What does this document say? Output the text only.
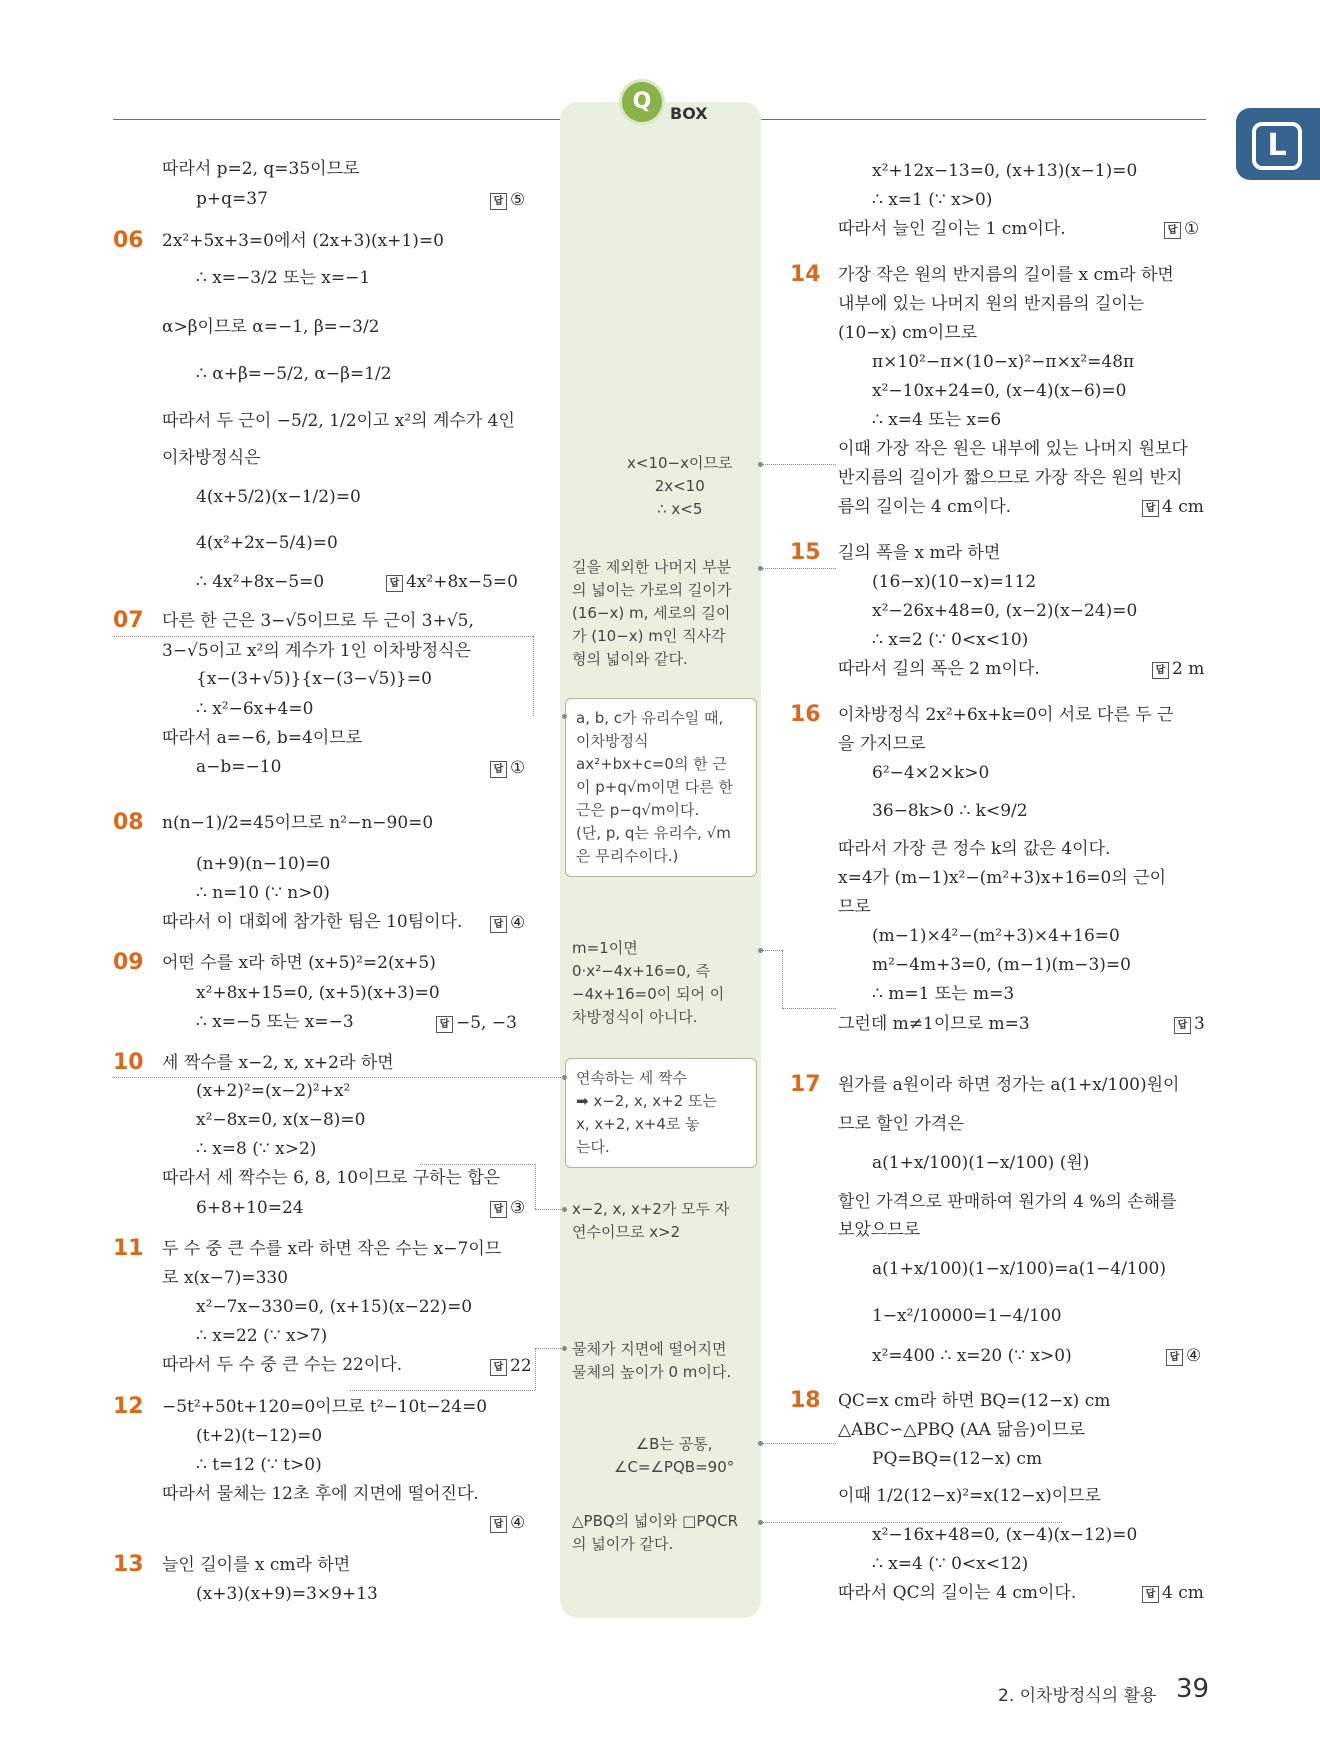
Q	BOX
L
따라서 p=2, q=35이므로
p+q=37	답 ⑤
06 2x²+5x+3=0에서 (2x+3)(x+1)=0
∴ x=−3/2 또는 x=−1
α>β이므로 α=−1, β=−3/2
∴ α+β=−5/2, α−β=1/2
따라서 두 근이 −5/2, 1/2이고 x²의 계수가 4인
이차방정식은
4(x+5/2)(x−1/2)=0
4(x²+2x−5/4)=0
∴ 4x²+8x−5=0	답 4x²+8x−5=0
07 다른 한 근은 3−√5이므로 두 근이 3+√5,
3−√5이고 x²의 계수가 1인 이차방정식은
{x−(3+√5)}{x−(3−√5)}=0
∴ x²−6x+4=0
따라서 a=−6, b=4이므로
a−b=−10	답 ①
08 n(n−1)/2=45이므로 n²−n−90=0
(n+9)(n−10)=0
∴ n=10 (∵ n>0)
따라서 이 대회에 참가한 팀은 10팀이다.	답 ④
09 어떤 수를 x라 하면 (x+5)²=2(x+5)
x²+8x+15=0, (x+5)(x+3)=0
∴ x=−5 또는 x=−3	답 −5, −3
10 세 짝수를 x−2, x, x+2라 하면
(x+2)²=(x−2)²+x²
x²−8x=0, x(x−8)=0
∴ x=8 (∵ x>2)
따라서 세 짝수는 6, 8, 10이므로 구하는 합은
6+8+10=24	답 ③
11 두 수 중 큰 수를 x라 하면 작은 수는 x−7이므
로 x(x−7)=330
x²−7x−330=0, (x+15)(x−22)=0
∴ x=22 (∵ x>7)
따라서 두 수 중 큰 수는 22이다.	답 22
12 −5t²+50t+120=0이므로 t²−10t−24=0
(t+2)(t−12)=0
∴ t=12 (∵ t>0)
따라서 물체는 12초 후에 지면에 떨어진다.
답 ④
13 늘인 길이를 x cm라 하면
(x+3)(x+9)=3×9+13
x<10−x이므로
2x<10
∴ x<5
길을 제외한 나머지 부분
의 넓이는 가로의 길이가
(16−x) m, 세로의 길이
가 (10−x) m인 직사각
형의 넓이와 같다.
a, b, c가 유리수일 때,
이차방정식
ax²+bx+c=0의 한 근
이 p+q√m이면 다른 한
근은 p−q√m이다.
(단, p, q는 유리수, √m
은 무리수이다.)
m=1이면
0·x²−4x+16=0, 즉
−4x+16=0이 되어 이
차방정식이 아니다.
연속하는 세 짝수
➡ x−2, x, x+2 또는
x, x+2, x+4로 놓
는다.
x−2, x, x+2가 모두 자
연수이므로 x>2
물체가 지면에 떨어지면
물체의 높이가 0 m이다.
∠B는 공통,
∠C=∠PQB=90°
△PBQ의 넓이와 □PQCR
의 넓이가 같다.
x²+12x−13=0, (x+13)(x−1)=0
∴ x=1 (∵ x>0)
따라서 늘인 길이는 1 cm이다.	답 ①
14 가장 작은 원의 반지름의 길이를 x cm라 하면
내부에 있는 나머지 원의 반지름의 길이는
(10−x) cm이므로
π×10²−π×(10−x)²−π×x²=48π
x²−10x+24=0, (x−4)(x−6)=0
∴ x=4 또는 x=6
이때 가장 작은 원은 내부에 있는 나머지 원보다
반지름의 길이가 짧으므로 가장 작은 원의 반지
름의 길이는 4 cm이다.	답 4 cm
15 길의 폭을 x m라 하면
(16−x)(10−x)=112
x²−26x+48=0, (x−2)(x−24)=0
∴ x=2 (∵ 0<x<10)
따라서 길의 폭은 2 m이다.	답 2 m
16 이차방정식 2x²+6x+k=0이 서로 다른 두 근
을 가지므로
6²−4×2×k>0
36−8k>0 ∴ k<9/2
따라서 가장 큰 정수 k의 값은 4이다.
x=4가 (m−1)x²−(m²+3)x+16=0의 근이
므로
(m−1)×4²−(m²+3)×4+16=0
m²−4m+3=0, (m−1)(m−3)=0
∴ m=1 또는 m=3
그런데 m≠1이므로 m=3	답 3
17 원가를 a원이라 하면 정가는 a(1+x/100)원이
므로 할인 가격은
a(1+x/100)(1−x/100) (원)
할인 가격으로 판매하여 원가의 4 %의 손해를
보았으므로
a(1+x/100)(1−x/100)=a(1−4/100)
1−x²/10000=1−4/100
x²=400 ∴ x=20 (∵ x>0)	답 ④
18 QC=x cm라 하면 BQ=(12−x) cm
△ABC∽△PBQ (AA 닮음)이므로
PQ=BQ=(12−x) cm
이때 1/2(12−x)²=x(12−x)이므로
x²−16x+48=0, (x−4)(x−12)=0
∴ x=4 (∵ 0<x<12)
따라서 QC의 길이는 4 cm이다.	답 4 cm
2. 이차방정식의 활용 39
